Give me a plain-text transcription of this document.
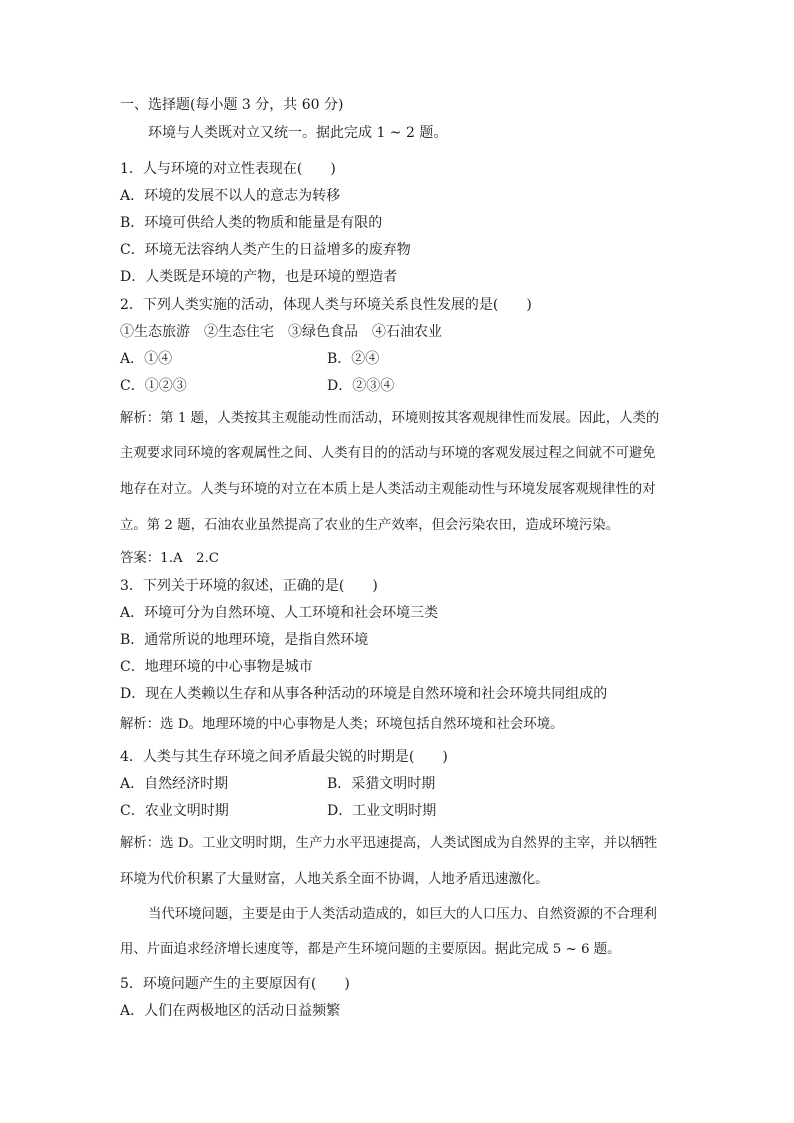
一、选择题(每小题 3 分，共 60 分)
环境与人类既对立又统一。据此完成 1 ~ 2 题。
1．人与环境的对立性表现在(　　)
A．环境的发展不以人的意志为转移
B．环境可供给人类的物质和能量是有限的
C．环境无法容纳人类产生的日益增多的废弃物
D．人类既是环境的产物，也是环境的塑造者
2．下列人类实施的活动，体现人类与环境关系良性发展的是(　　)
①生态旅游　②生态住宅　③绿色食品　④石油农业
A．①④	B．②④
C．①②③	D．②③④
解析：第 1 题，人类按其主观能动性而活动，环境则按其客观规律性而发展。因此，人类的
主观要求同环境的客观属性之间、人类有目的的活动与环境的客观发展过程之间就不可避免
地存在对立。人类与环境的对立在本质上是人类活动主观能动性与环境发展客观规律性的对
立。第 2 题，石油农业虽然提高了农业的生产效率，但会污染农田，造成环境污染。
答案：1.A　2.C
3．下列关于环境的叙述，正确的是(　　)
A．环境可分为自然环境、人工环境和社会环境三类
B．通常所说的地理环境，是指自然环境
C．地理环境的中心事物是城市
D．现在人类赖以生存和从事各种活动的环境是自然环境和社会环境共同组成的
解析：选 D。地理环境的中心事物是人类；环境包括自然环境和社会环境。
4．人类与其生存环境之间矛盾最尖锐的时期是(　　)
A．自然经济时期	B．采猎文明时期
C．农业文明时期	D．工业文明时期
解析：选 D。工业文明时期，生产力水平迅速提高，人类试图成为自然界的主宰，并以牺牲
环境为代价积累了大量财富，人地关系全面不协调，人地矛盾迅速激化。
当代环境问题，主要是由于人类活动造成的，如巨大的人口压力、自然资源的不合理利
用、片面追求经济增长速度等，都是产生环境问题的主要原因。据此完成 5 ~ 6 题。
5．环境问题产生的主要原因有(　　)
A．人们在两极地区的活动日益频繁
